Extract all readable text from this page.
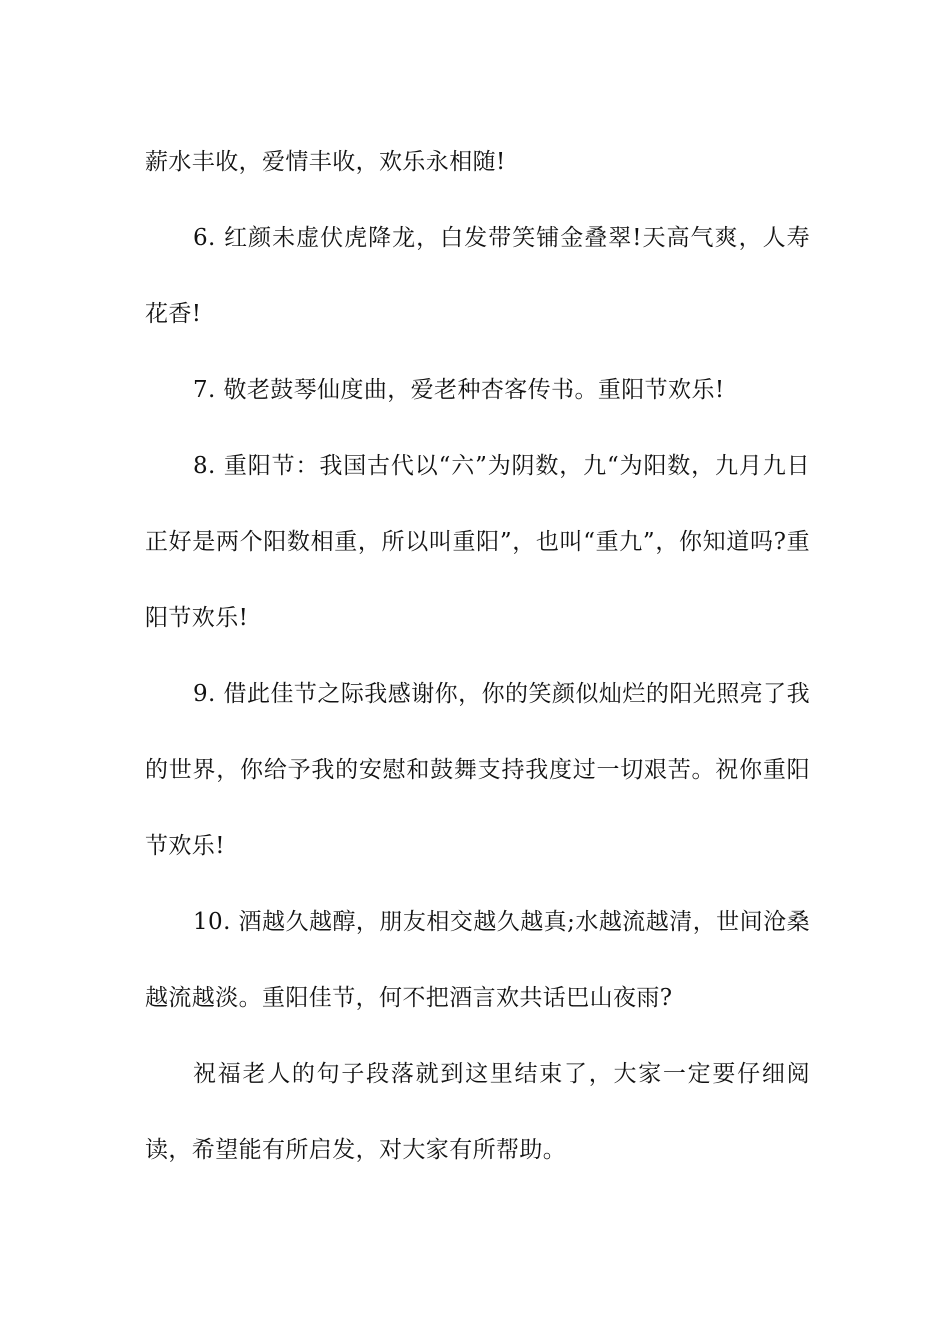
薪水丰收，爱情丰收，欢乐永相随!

6. 红颜未虚伏虎降龙，白发带笑铺金叠翠!天高气爽，人寿花香!

7. 敬老鼓琴仙度曲，爱老种杏客传书。重阳节欢乐!

8. 重阳节：我国古代以“六”为阴数，九“为阳数，九月九日正好是两个阳数相重，所以叫重阳”，也叫“重九”，你知道吗?重阳节欢乐!

9. 借此佳节之际我感谢你，你的笑颜似灿烂的阳光照亮了我的世界，你给予我的安慰和鼓舞支持我度过一切艰苦。祝你重阳节欢乐!

10. 酒越久越醇，朋友相交越久越真;水越流越清，世间沧桑越流越淡。重阳佳节，何不把酒言欢共话巴山夜雨?

祝福老人的句子段落就到这里结束了，大家一定要仔细阅读，希望能有所启发，对大家有所帮助。
